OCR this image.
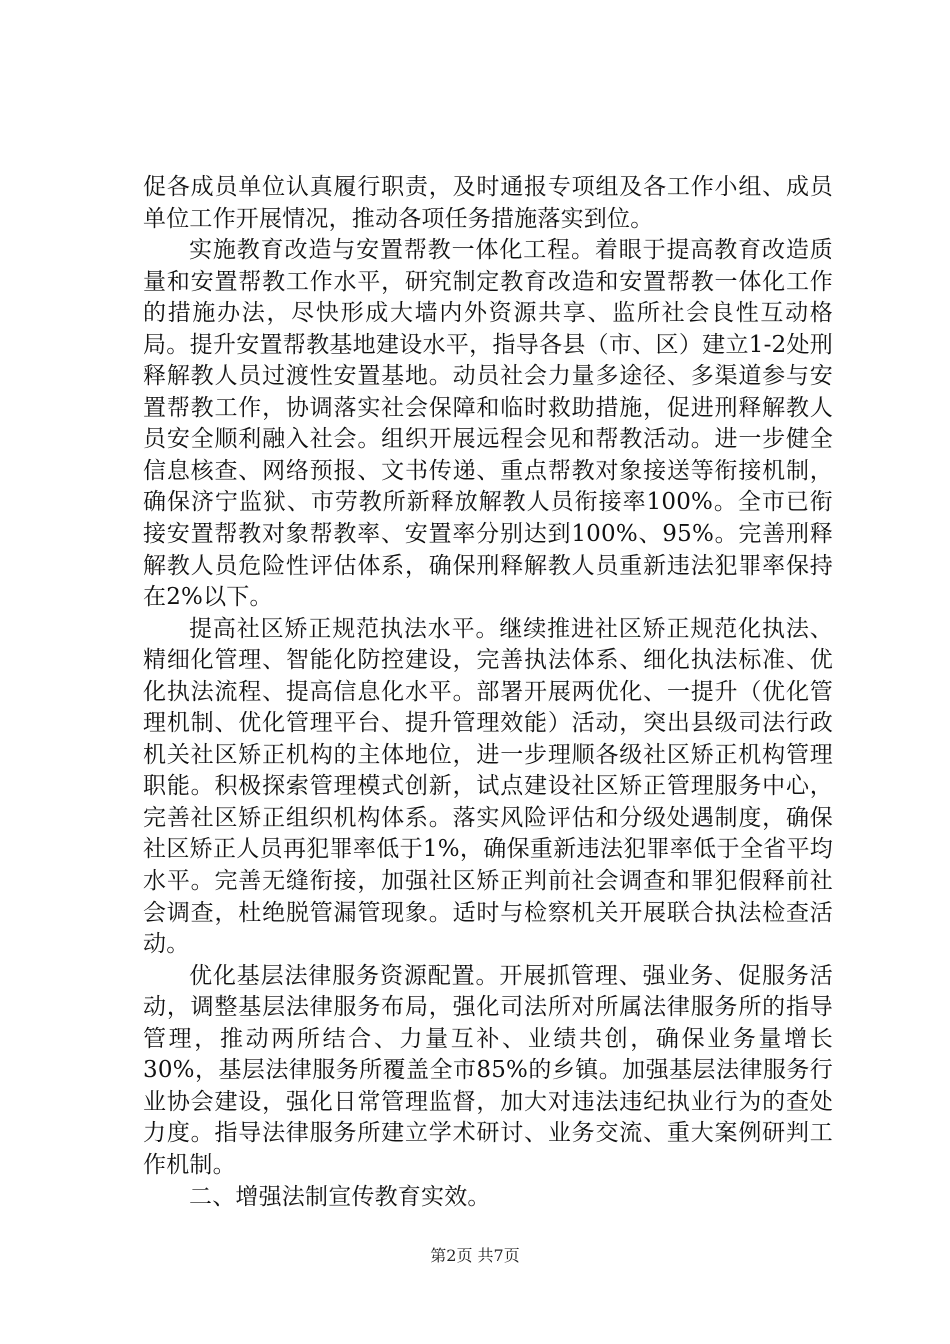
促各成员单位认真履行职责，及时通报专项组及各工作小组、成员单位工作开展情况，推动各项任务措施落实到位。

实施教育改造与安置帮教一体化工程。着眼于提高教育改造质量和安置帮教工作水平，研究制定教育改造和安置帮教一体化工作的措施办法，尽快形成大墙内外资源共享、监所社会良性互动格局。提升安置帮教基地建设水平，指导各县（市、区）建立1-2处刑释解教人员过渡性安置基地。动员社会力量多途径、多渠道参与安置帮教工作，协调落实社会保障和临时救助措施，促进刑释解教人员安全顺利融入社会。组织开展远程会见和帮教活动。进一步健全信息核查、网络预报、文书传递、重点帮教对象接送等衔接机制，确保济宁监狱、市劳教所新释放解教人员衔接率100%。全市已衔接安置帮教对象帮教率、安置率分别达到100%、95%。完善刑释解教人员危险性评估体系，确保刑释解教人员重新违法犯罪率保持在2%以下。

提高社区矫正规范执法水平。继续推进社区矫正规范化执法、精细化管理、智能化防控建设，完善执法体系、细化执法标准、优化执法流程、提高信息化水平。部署开展两优化、一提升（优化管理机制、优化管理平台、提升管理效能）活动，突出县级司法行政机关社区矫正机构的主体地位，进一步理顺各级社区矫正机构管理职能。积极探索管理模式创新，试点建设社区矫正管理服务中心，完善社区矫正组织机构体系。落实风险评估和分级处遇制度，确保社区矫正人员再犯罪率低于1%，确保重新违法犯罪率低于全省平均水平。完善无缝衔接，加强社区矫正判前社会调查和罪犯假释前社会调查，杜绝脱管漏管现象。适时与检察机关开展联合执法检查活动。

优化基层法律服务资源配置。开展抓管理、强业务、促服务活动，调整基层法律服务布局，强化司法所对所属法律服务所的指导管理，推动两所结合、力量互补、业绩共创，确保业务量增长30%，基层法律服务所覆盖全市85%的乡镇。加强基层法律服务行业协会建设，强化日常管理监督，加大对违法违纪执业行为的查处力度。指导法律服务所建立学术研讨、业务交流、重大案例研判工作机制。

二、增强法制宣传教育实效。

第2页 共7页
